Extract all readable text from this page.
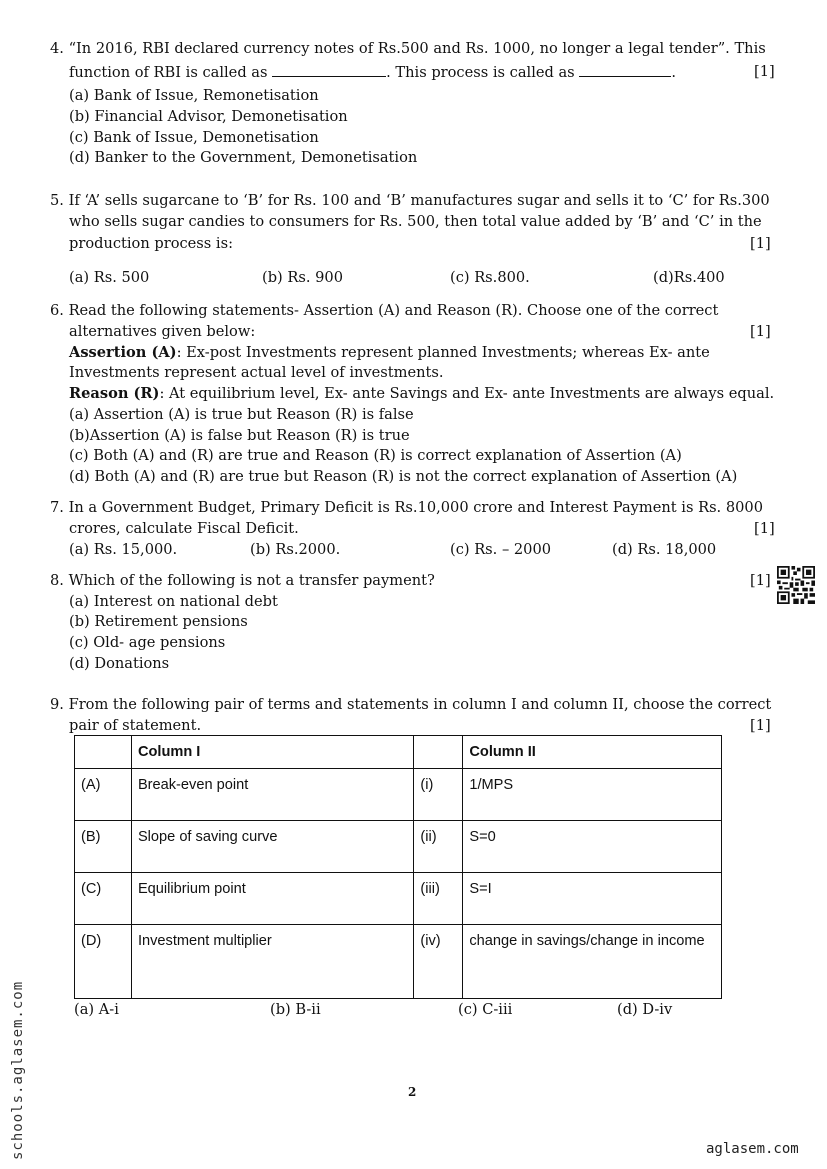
4. “In 2016, RBI declared currency notes of Rs.500 and Rs. 1000, no longer a legal tender”. This
function of RBI is called as	. This process is called as	.	[1]
(a) Bank of Issue, Remonetisation
(b) Financial Advisor, Demonetisation
(c) Bank of Issue, Demonetisation
(d) Banker to the Government, Demonetisation
5. If ‘A’ sells sugarcane to ‘B’ for Rs. 100 and ‘B’ manufactures sugar and sells it to ‘C’ for Rs.300
who sells sugar candies to consumers for Rs. 500, then total value added by ‘B’ and ‘C’ in the
production process is:	[1]
(a) Rs. 500	(b) Rs. 900	(c) Rs.800.	(d)Rs.400
6. Read the following statements- Assertion (A) and Reason (R). Choose one of the correct
alternatives given below:	[1]
Assertion (A): Ex-post Investments represent planned Investments; whereas Ex- ante
Investments represent actual level of investments.
Reason (R): At equilibrium level, Ex- ante Savings and Ex- ante Investments are always equal.
(a) Assertion (A) is true but Reason (R) is false
(b)Assertion (A) is false but Reason (R) is true
(c) Both (A) and (R) are true and Reason (R) is correct explanation of Assertion (A)
(d) Both (A) and (R) are true but Reason (R) is not the correct explanation of Assertion (A)
7. In a Government Budget, Primary Deficit is Rs.10,000 crore and Interest Payment is Rs. 8000
crores, calculate Fiscal Deficit.	[1]
(a) Rs. 15,000.	(b) Rs.2000.	(c) Rs. – 2000	(d) Rs. 18,000
8. Which of the following is not a transfer payment?	[1]
(a) Interest on national debt
(b) Retirement pensions
(c) Old- age pensions
(d) Donations
9. From the following pair of terms and statements in column I and column II, choose the correct
pair of statement.	[1]
	Column I		Column II
(A)	Break-even point	(i)	1/MPS
(B)	Slope of saving curve	(ii)	S=0
(C)	Equilibrium point	(iii)	S=I
(D)	Investment multiplier	(iv)	change in savings/change in income
(a) A-i	(b) B-ii	(c) C-iii	(d) D-iv
2
schools.aglasem.com	aglasem.com
